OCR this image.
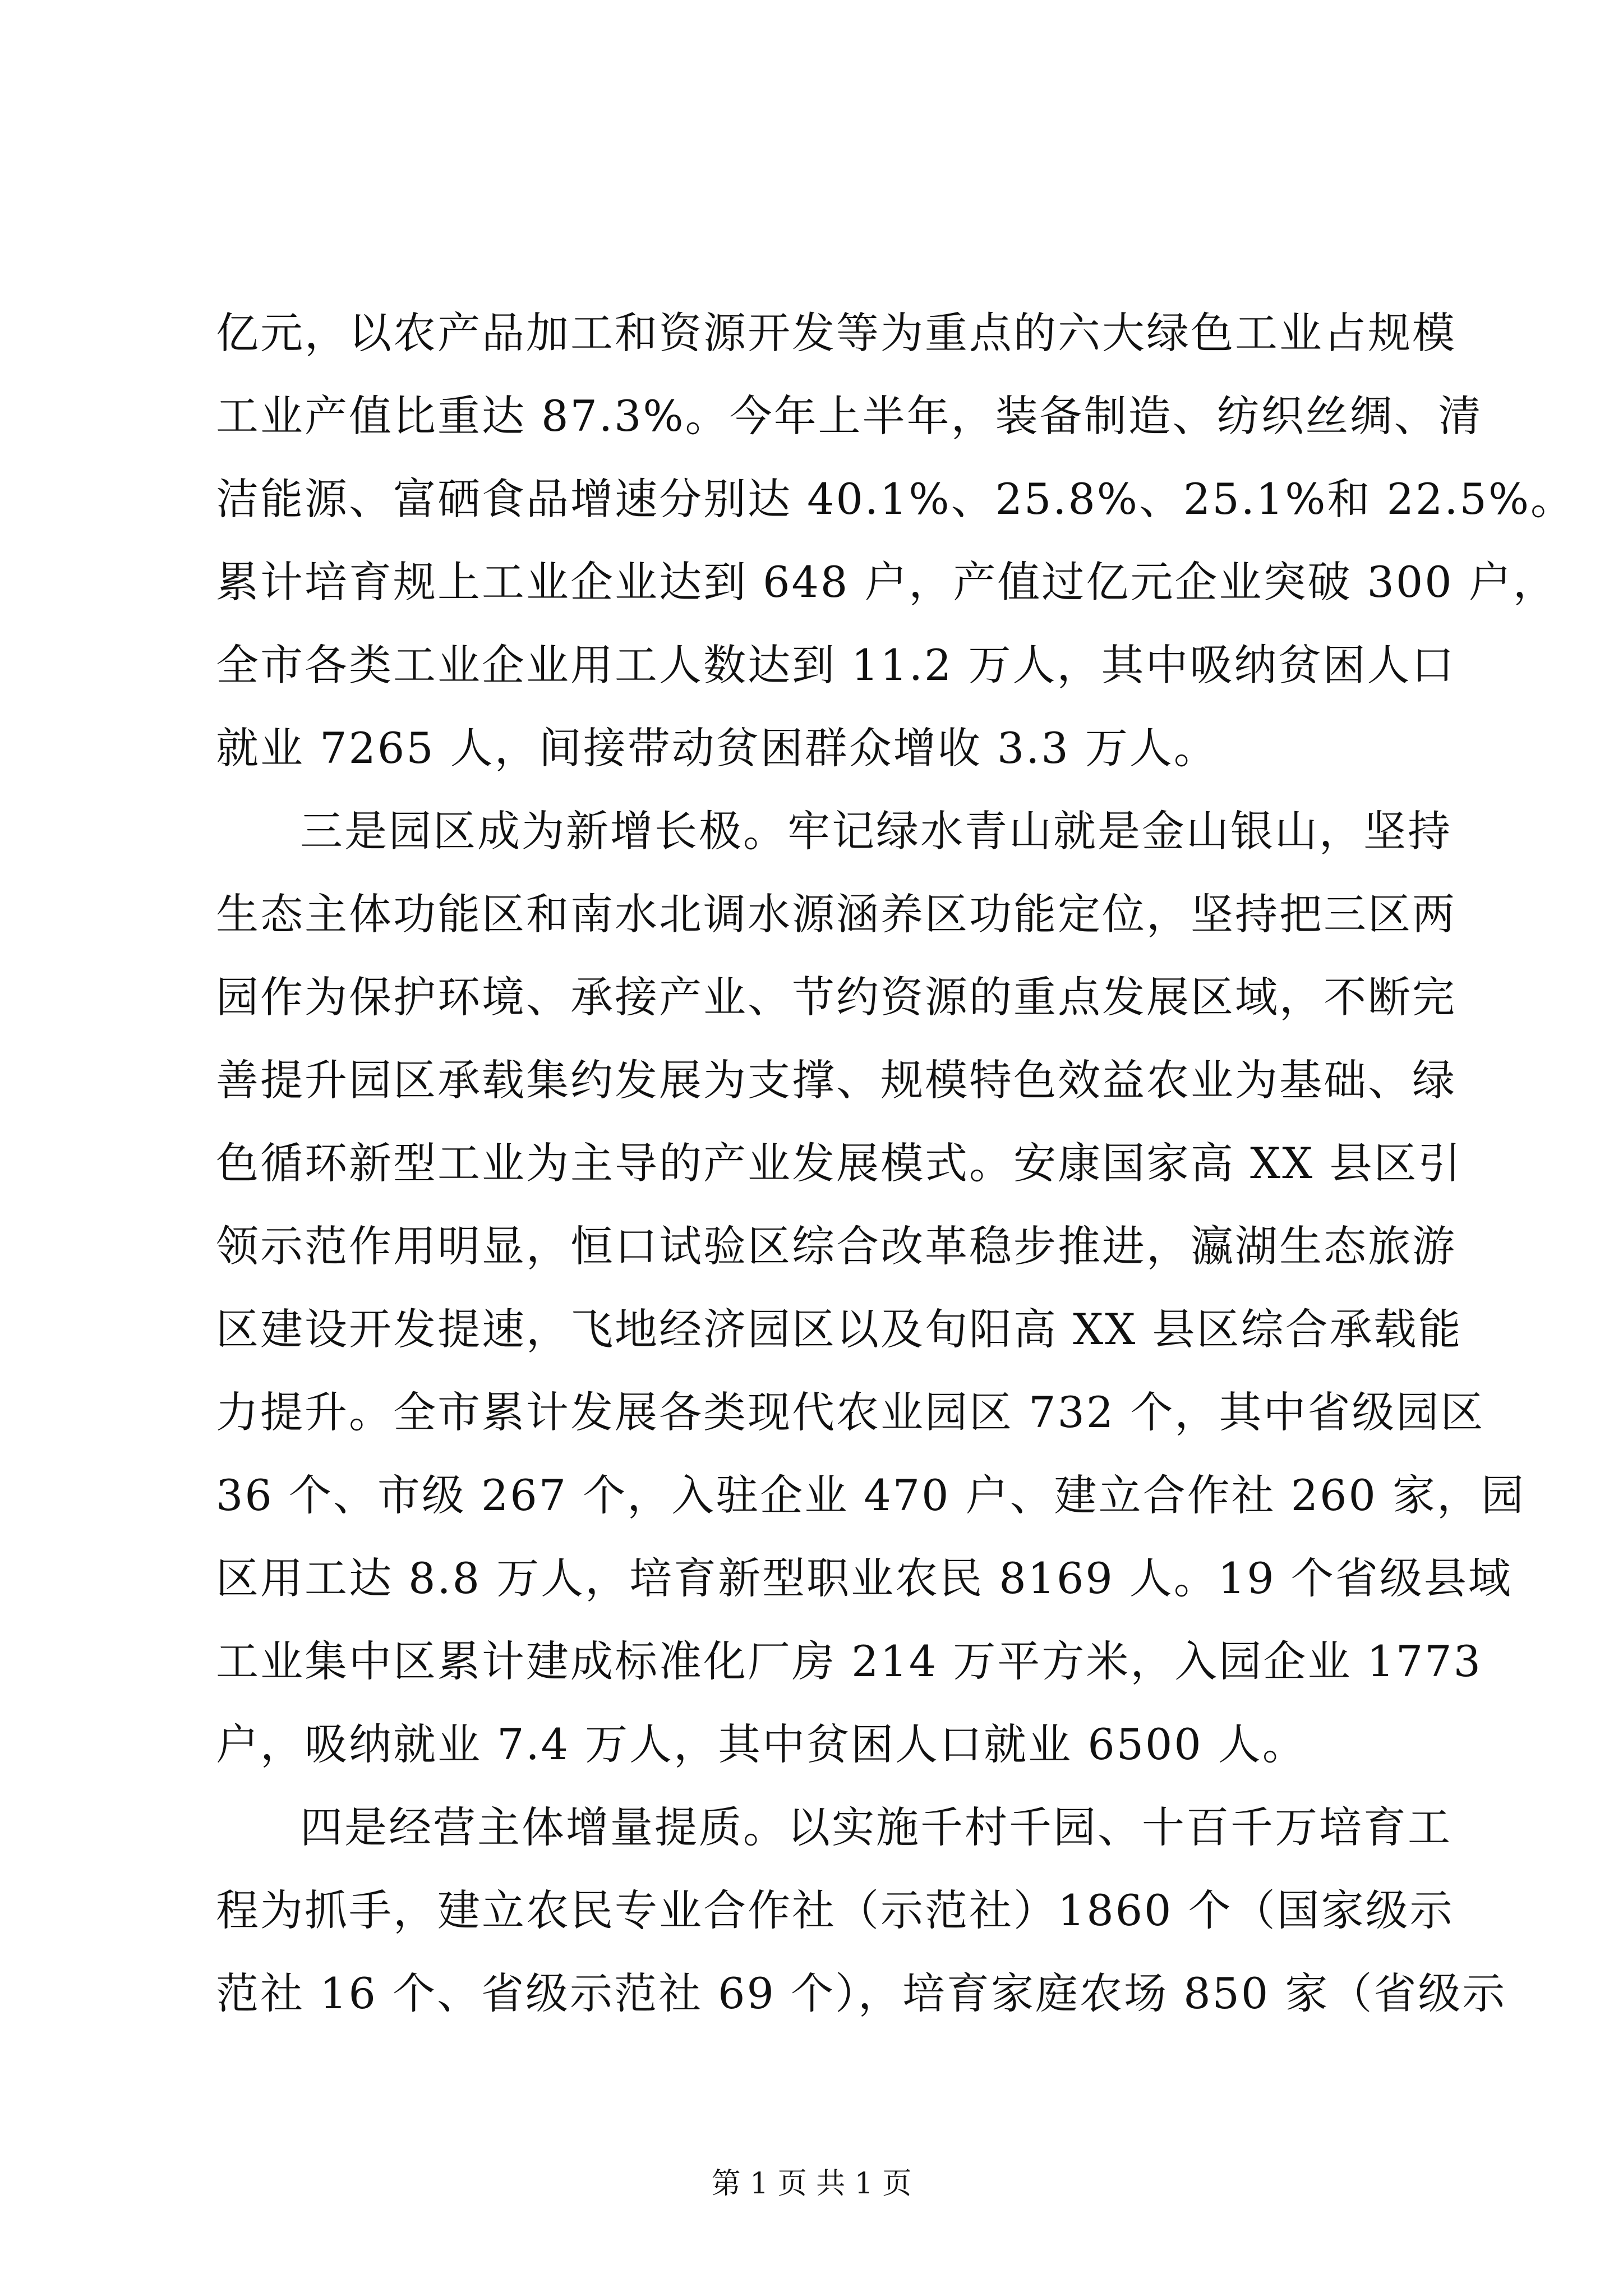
亿元，以农产品加工和资源开发等为重点的六大绿色工业占规模
工业产值比重达 87.3%。今年上半年，装备制造、纺织丝绸、清
洁能源、富硒食品增速分别达 40.1%、25.8%、25.1%和 22.5%。
累计培育规上工业企业达到 648 户，产值过亿元企业突破 300 户，
全市各类工业企业用工人数达到 11.2 万人，其中吸纳贫困人口
就业 7265 人，间接带动贫困群众增收 3.3 万人。
三是园区成为新增长极。牢记绿水青山就是金山银山，坚持
生态主体功能区和南水北调水源涵养区功能定位，坚持把三区两
园作为保护环境、承接产业、节约资源的重点发展区域，不断完
善提升园区承载集约发展为支撑、规模特色效益农业为基础、绿
色循环新型工业为主导的产业发展模式。安康国家高 XX 县区引
领示范作用明显，恒口试验区综合改革稳步推进，瀛湖生态旅游
区建设开发提速，飞地经济园区以及旬阳高 XX 县区综合承载能
力提升。全市累计发展各类现代农业园区 732 个，其中省级园区
36 个、市级 267 个，入驻企业 470 户、建立合作社 260 家，园
区用工达 8.8 万人，培育新型职业农民 8169 人。19 个省级县域
工业集中区累计建成标准化厂房 214 万平方米，入园企业 1773
户，吸纳就业 7.4 万人，其中贫困人口就业 6500 人。
四是经营主体增量提质。以实施千村千园、十百千万培育工
程为抓手，建立农民专业合作社（示范社）1860 个（国家级示
范社 16 个、省级示范社 69 个），培育家庭农场 850 家（省级示
第 1 页 共 1 页
